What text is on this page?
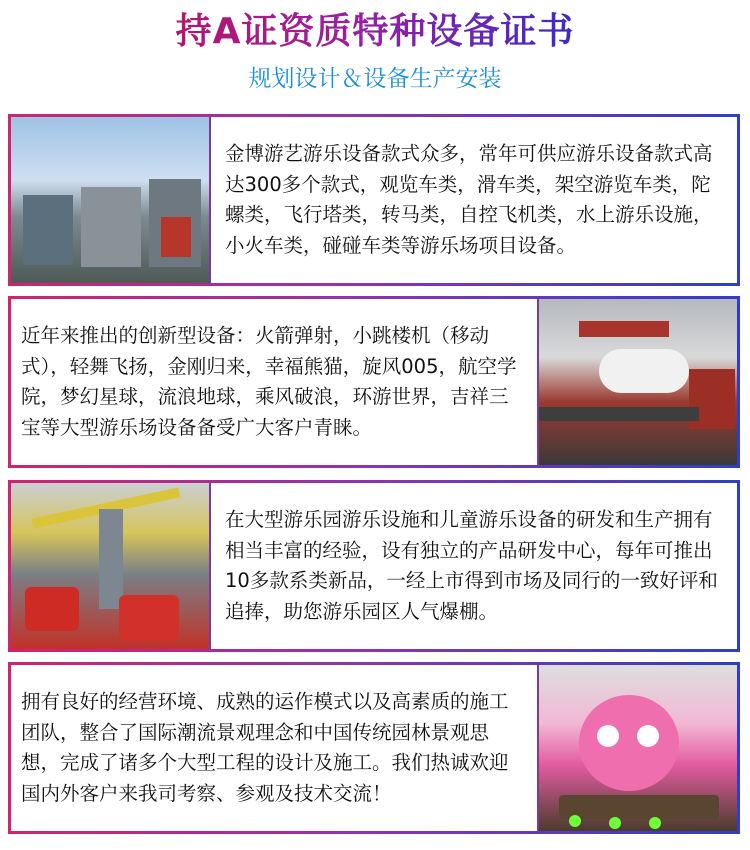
持A证资质特种设备证书
规划设计＆设备生产安装
金博游艺游乐设备款式众多，常年可供应游乐设备款式高达300多个款式，观览车类，滑车类，架空游览车类，陀螺类，飞行塔类，转马类，自控飞机类，水上游乐设施，小火车类，碰碰车类等游乐场项目设备。
近年来推出的创新型设备：火箭弹射，小跳楼机（移动式），轻舞飞扬，金刚归来，幸福熊猫，旋风005，航空学院，梦幻星球，流浪地球，乘风破浪，环游世界，吉祥三宝等大型游乐场设备备受广大客户青睐。
在大型游乐园游乐设施和儿童游乐设备的研发和生产拥有相当丰富的经验，设有独立的产品研发中心，每年可推出10多款系类新品，一经上市得到市场及同行的一致好评和追捧，助您游乐园区人气爆棚。
拥有良好的经营环境、成熟的运作模式以及高素质的施工团队，整合了国际潮流景观理念和中国传统园林景观思想，完成了诸多个大型工程的设计及施工。我们热诚欢迎国内外客户来我司考察、参观及技术交流！
